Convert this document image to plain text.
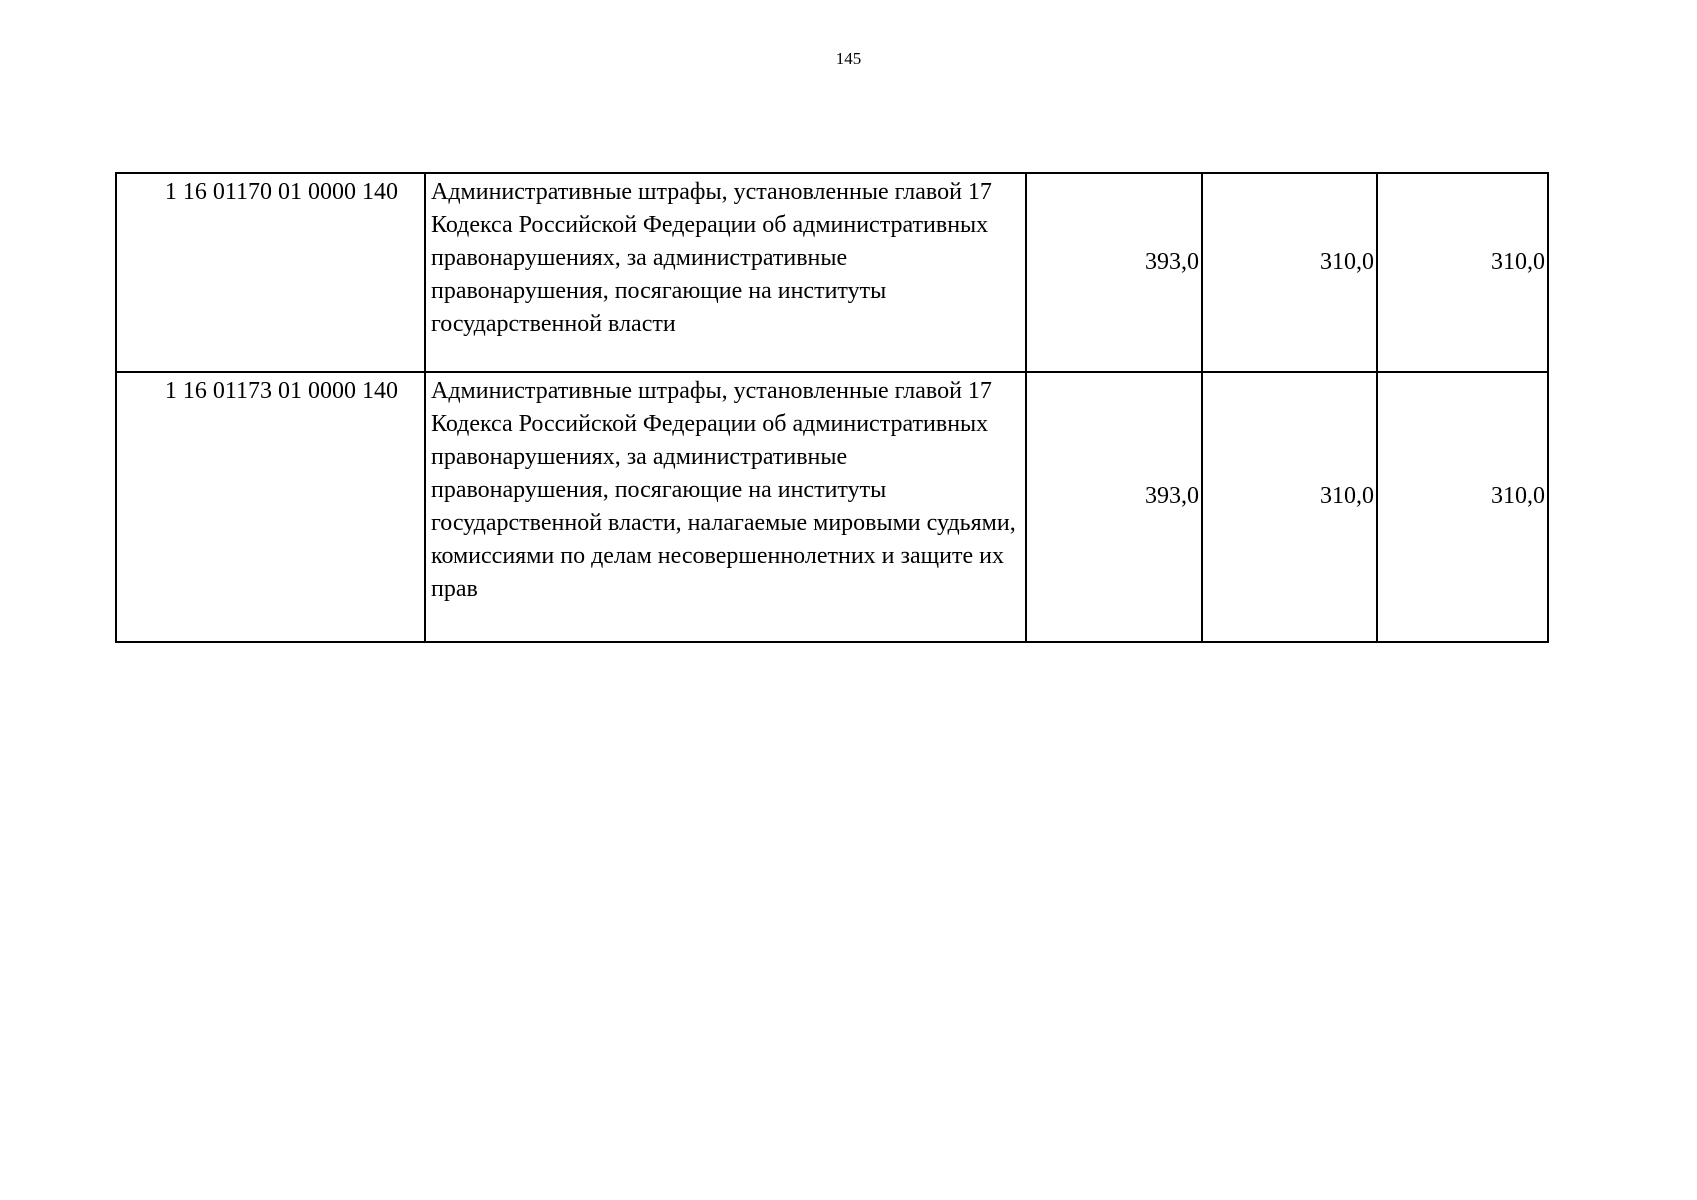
145
1 16 01170 01 0000 140	Административные штрафы, установленные главой 17 Кодекса Российской Федерации об административных правонарушениях, за административные правонарушения, посягающие на институты государственной власти	393,0	310,0	310,0
1 16 01173 01 0000 140	Административные штрафы, установленные главой 17 Кодекса Российской Федерации об административных правонарушениях, за административные правонарушения, посягающие на институты государственной власти, налагаемые мировыми судьями, комиссиями по делам несовершеннолетних и защите их прав	393,0	310,0	310,0
